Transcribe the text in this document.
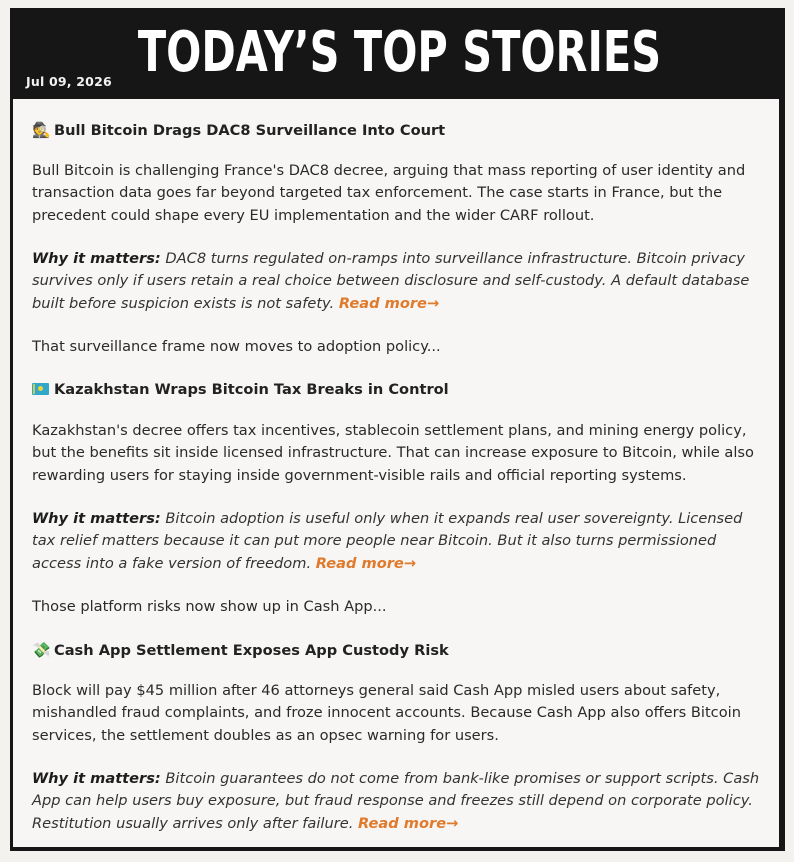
Jul 09, 2026 TODAY’S TOP STORIES

🕵️ Bull Bitcoin Drags DAC8 Surveillance Into Court

Bull Bitcoin is challenging France's DAC8 decree, arguing that mass reporting of user identity and transaction data goes far beyond targeted tax enforcement. The case starts in France, but the precedent could shape every EU implementation and the wider CARF rollout.

Why it matters: DAC8 turns regulated on-ramps into surveillance infrastructure. Bitcoin privacy survives only if users retain a real choice between disclosure and self-custody. A default database built before suspicion exists is not safety. Read more→

That surveillance frame now moves to adoption policy...

Kazakhstan Wraps Bitcoin Tax Breaks in Control

Kazakhstan's decree offers tax incentives, stablecoin settlement plans, and mining energy policy, but the benefits sit inside licensed infrastructure. That can increase exposure to Bitcoin, while also rewarding users for staying inside government-visible rails and official reporting systems.

Why it matters: Bitcoin adoption is useful only when it expands real user sovereignty. Licensed tax relief matters because it can put more people near Bitcoin. But it also turns permissioned access into a fake version of freedom. Read more→

Those platform risks now show up in Cash App...

💸 Cash App Settlement Exposes App Custody Risk

Block will pay $45 million after 46 attorneys general said Cash App misled users about safety, mishandled fraud complaints, and froze innocent accounts. Because Cash App also offers Bitcoin services, the settlement doubles as an opsec warning for users.

Why it matters: Bitcoin guarantees do not come from bank-like promises or support scripts. Cash App can help users buy exposure, but fraud response and freezes still depend on corporate policy. Restitution usually arrives only after failure. Read more→
